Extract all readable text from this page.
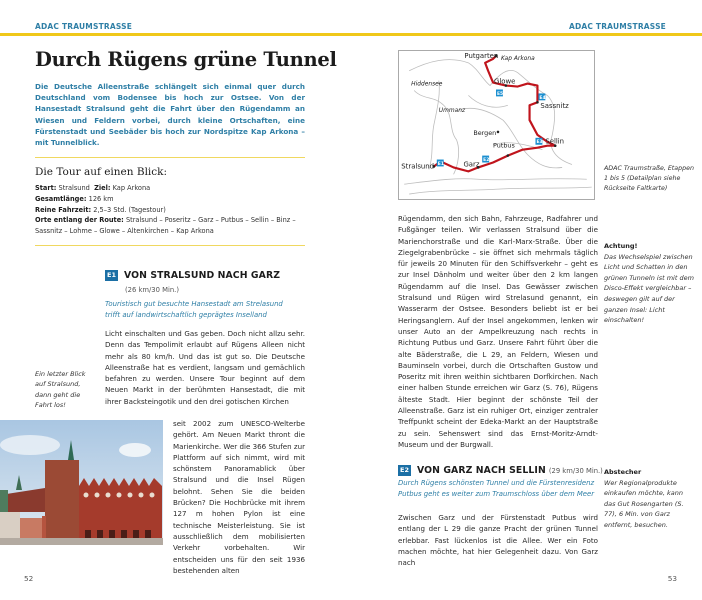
ADAC TRAUMSTRASSE
Durch Rügens grüne Tunnel

Die Deutsche Alleenstraße schlängelt sich einmal quer durch Deutschland vom Bodensee bis hoch zur Ostsee. Von der Hansestadt Stralsund geht die Fahrt über den Rügendamm an Wiesen und Feldern vorbei, durch kleine Ortschaften, eine Fürstenstadt und Seebäder bis hoch zur Nordspitze Kap Arkona – mit Tunnelblick.

Die Tour auf einen Blick:
Start: Stralsund Ziel: Kap Arkona
Gesamtlänge: 126 km
Reine Fahrzeit: 2,5–3 Std. (Tagestour)
Orte entlang der Route: Stralsund – Poseritz – Garz – Putbus – Sellin – Binz – Sassnitz – Lohme – Glowe – Altenkirchen – Kap Arkona
E1 VON STRALSUND NACH GARZ
(26 km/30 Min.)
Touristisch gut besuchte Hansestadt am Strelasund trifft auf landwirtschaftlich geprägtes Inselland
Licht einschalten und Gas geben. Doch nicht allzu sehr. Denn das Tempolimit erlaubt auf Rügens Alleen nicht mehr als 80 km/h. Und das ist gut so. Die Deutsche Alleenstraße hat es verdient, langsam und gemächlich befahren zu werden. Unsere Tour beginnt auf dem Neuen Markt in der berühmten Hansestadt, die mit ihrer Backsteingotik und den drei gotischen Kirchen
seit 2002 zum UNESCO-Welterbe gehört. Am Neuen Markt thront die Marienkirche. Wer die 366 Stufen zur Plattform auf sich nimmt, wird mit schönstem Panoramablick über Stralsund und die Insel Rügen belohnt. Sehen Sie die beiden Brücken? Die Hochbrücke mit ihrem 127 m hohen Pylon ist eine technische Meisterleistung. Sie ist ausschließlich dem mobilisierten Verkehr vorbehalten. Wir entscheiden uns für den seit 1936 bestehenden alten
Ein letzter Blick auf Stralsund, dann geht die Fahrt los!
52
ADAC TRAUMSTRASSE
Putgarten Kap Arkona
Hiddensee	Glowe
Sassnitz
Ummanz
Bergen
Putbus	Sellin
Stralsund	Garz
E1
E2
E3
E4
E5
ADAC Traumstraße, Etappen 1 bis 5 (Detailplan siehe Rückseite Faltkarte)
Rügendamm, den sich Bahn, Fahrzeuge, Radfahrer und Fußgänger teilen. Wir verlassen Stralsund über die Marienchorstraße und die Karl-Marx-Straße. Über die Ziegelgrabenbrücke – sie öffnet sich mehrmals täglich für jeweils 20 Minuten für den Schiffsverkehr – geht es zur Insel Dänholm und weiter über den 2 km langen Rügendamm auf die Insel. Das Gewässer zwischen Stralsund und Rügen wird Strelasund genannt, ein Wasserarm der Ostsee. Besonders beliebt ist er bei Heringsanglern. Auf der Insel angekommen, lenken wir unser Auto an der Ampelkreuzung nach rechts in Richtung Putbus und Garz. Unsere Fahrt führt über die alte Bäderstraße, die L 29, an Feldern, Wiesen und Bauminseln vorbei, durch die Ortschaften Gustow und Poseritz mit ihren weithin sichtbaren Dorfkirchen. Nach einer halben Stunde erreichen wir Garz (S. 76), Rügens älteste Stadt. Hier beginnt der schönste Teil der Alleenstraße. Garz ist ein ruhiger Ort, einziger zentraler Treffpunkt scheint der Edeka-Markt an der Hauptstraße zu sein. Sehenswert sind das Ernst-Moritz-Arndt-Museum und der Burgwall.
Achtung!
Das Wechselspiel zwischen Licht und Schatten in den grünen Tunneln ist mit dem Disco-Effekt vergleichbar – deswegen gilt auf der ganzen Insel: Licht einschalten!
E2 VON GARZ NACH SELLIN (29 km/30 Min.)
Durch Rügens schönsten Tunnel und die Fürstenresidenz Putbus geht es weiter zum Traumschloss über dem Meer
Zwischen Garz und der Fürstenstadt Putbus wird entlang der L 29 die ganze Pracht der grünen Tunnel erlebbar. Fast lückenlos ist die Allee. Wer ein Foto machen möchte, hat hier Gelegenheit dazu. Von Garz nach
Abstecher
Wer Regionalprodukte einkaufen möchte, kann das Gut Rosengarten (S. 77), 6 Min. von Garz entfernt, besuchen.
53
